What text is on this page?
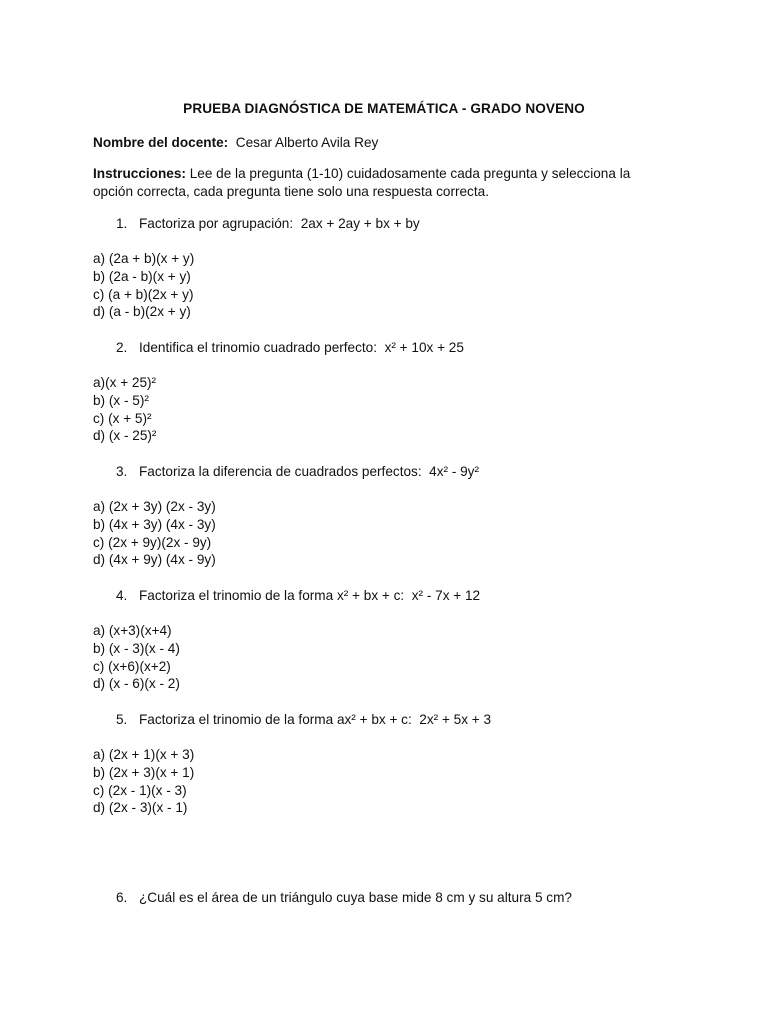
PRUEBA DIAGNÓSTICA DE MATEMÁTICA - GRADO NOVENO
Nombre del docente: Cesar Alberto Avila Rey
Instrucciones: Lee de la pregunta (1-10) cuidadosamente cada pregunta y selecciona la opción correcta, cada pregunta tiene solo una respuesta correcta.
1. Factoriza por agrupación:  2ax + 2ay + bx + by
a) (2a + b)(x + y)
b) (2a - b)(x + y)
c) (a + b)(2x + y)
d) (a - b)(2x + y)
2. Identifica el trinomio cuadrado perfecto:  x² + 10x + 25
a)(x + 25)²
b) (x - 5)²
c) (x + 5)²
d) (x - 25)²
3. Factoriza la diferencia de cuadrados perfectos:  4x² - 9y²
a) (2x + 3y) (2x - 3y)
b) (4x + 3y) (4x - 3y)
c) (2x + 9y)(2x - 9y)
d) (4x + 9y) (4x - 9y)
4. Factoriza el trinomio de la forma x² + bx + c:  x² - 7x + 12
a) (x+3)(x+4)
b) (x - 3)(x - 4)
c) (x+6)(x+2)
d) (x - 6)(x - 2)
5. Factoriza el trinomio de la forma ax² + bx + c:  2x² + 5x + 3
a) (2x + 1)(x + 3)
b) (2x + 3)(x + 1)
c) (2x - 1)(x - 3)
d) (2x - 3)(x - 1)
6. ¿Cuál es el área de un triángulo cuya base mide 8 cm y su altura 5 cm?
